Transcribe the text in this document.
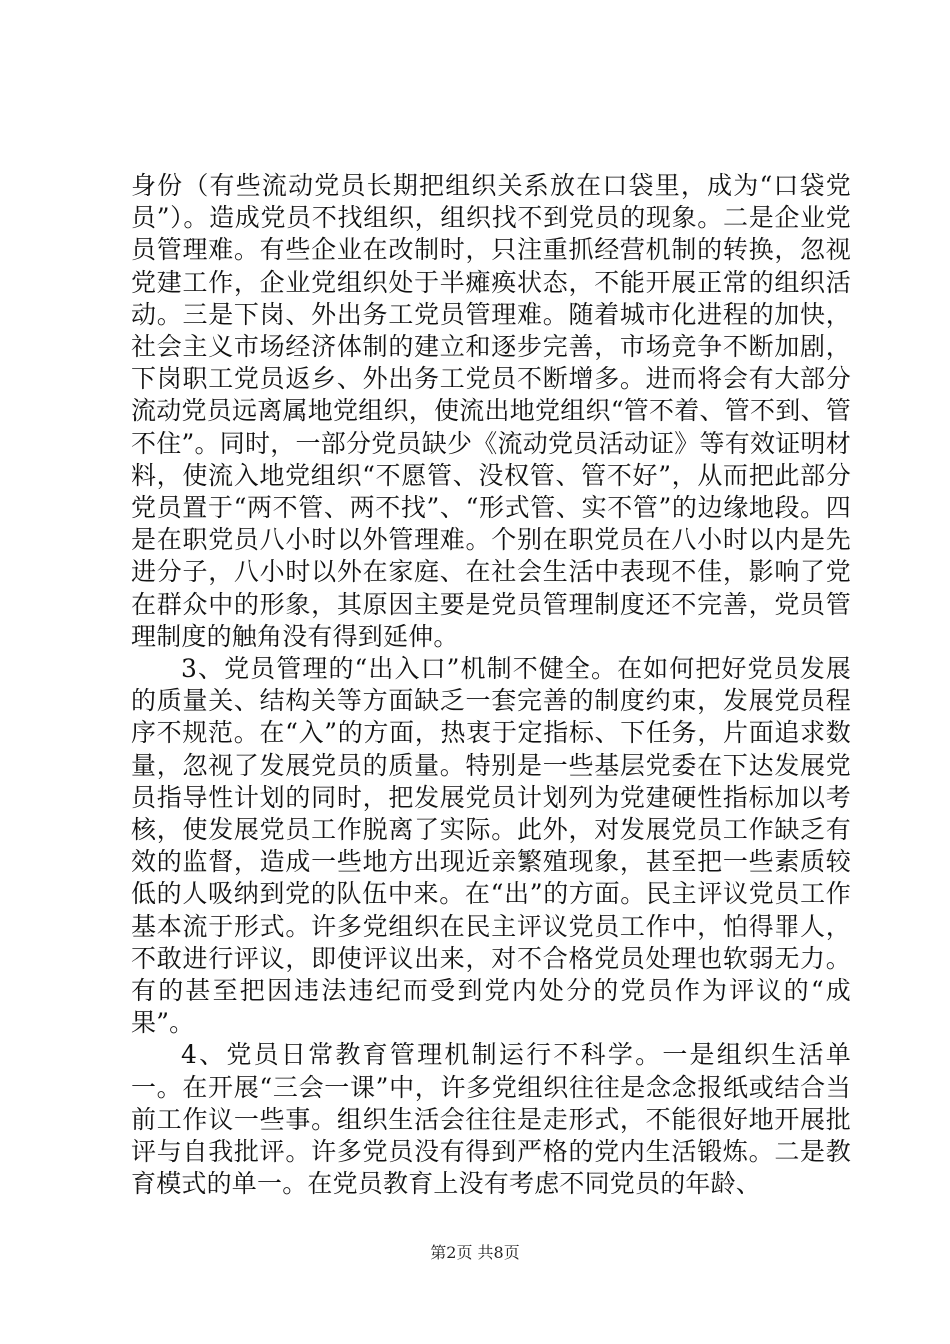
身份（有些流动党员长期把组织关系放在口袋里，成为“口袋党员”）。造成党员不找组织，组织找不到党员的现象。二是企业党员管理难。有些企业在改制时，只注重抓经营机制的转换，忽视党建工作，企业党组织处于半瘫痪状态，不能开展正常的组织活动。三是下岗、外出务工党员管理难。随着城市化进程的加快，社会主义市场经济体制的建立和逐步完善，市场竞争不断加剧，下岗职工党员返乡、外出务工党员不断增多。进而将会有大部分流动党员远离属地党组织，使流出地党组织“管不着、管不到、管不住”。同时，一部分党员缺少《流动党员活动证》等有效证明材料，使流入地党组织“不愿管、没权管、管不好”，从而把此部分党员置于“两不管、两不找”、“形式管、实不管”的边缘地段。四是在职党员八小时以外管理难。个别在职党员在八小时以内是先进分子，八小时以外在家庭、在社会生活中表现不佳，影响了党在群众中的形象，其原因主要是党员管理制度还不完善，党员管理制度的触角没有得到延伸。

3、党员管理的“出入口”机制不健全。在如何把好党员发展的质量关、结构关等方面缺乏一套完善的制度约束，发展党员程序不规范。在“入”的方面，热衷于定指标、下任务，片面追求数量，忽视了发展党员的质量。特别是一些基层党委在下达发展党员指导性计划的同时，把发展党员计划列为党建硬性指标加以考核，使发展党员工作脱离了实际。此外，对发展党员工作缺乏有效的监督，造成一些地方出现近亲繁殖现象，甚至把一些素质较低的人吸纳到党的队伍中来。在“出”的方面。民主评议党员工作基本流于形式。许多党组织在民主评议党员工作中，怕得罪人，不敢进行评议，即使评议出来，对不合格党员处理也软弱无力。有的甚至把因违法违纪而受到党内处分的党员作为评议的“成果”。

4、党员日常教育管理机制运行不科学。一是组织生活单一。在开展“三会一课”中，许多党组织往往是念念报纸或结合当前工作议一些事。组织生活会往往是走形式，不能很好地开展批评与自我批评。许多党员没有得到严格的党内生活锻炼。二是教育模式的单一。在党员教育上没有考虑不同党员的年龄、

第2页 共8页
